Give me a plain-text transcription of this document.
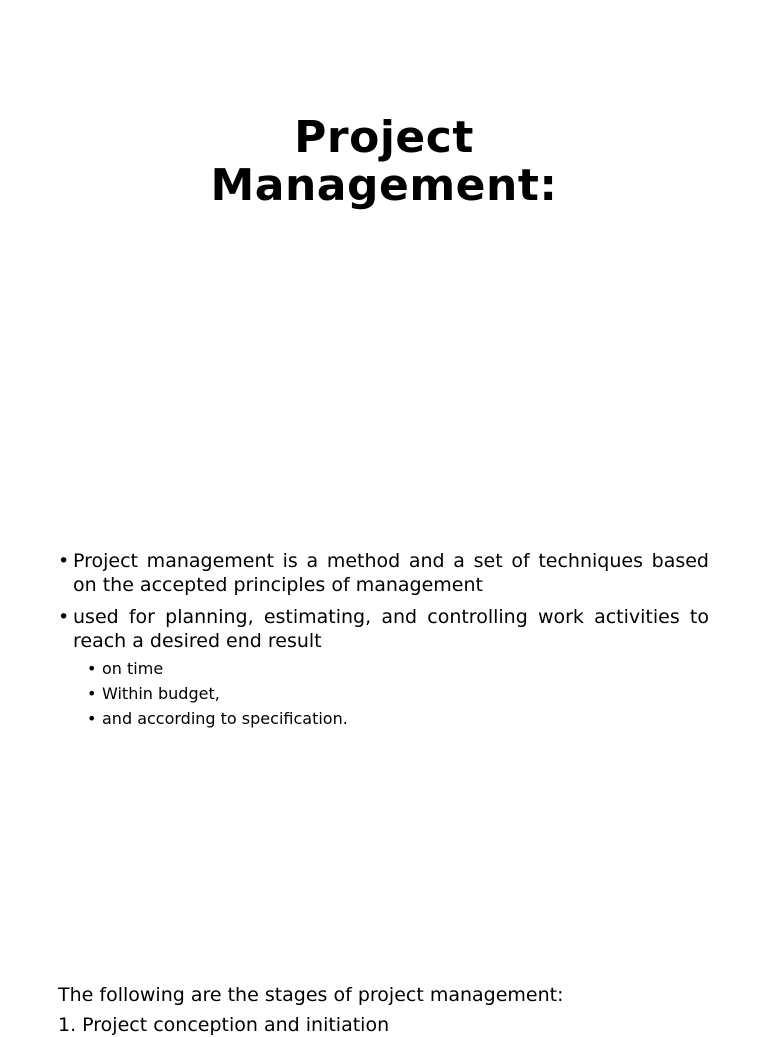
Project
Management:
• Project management is a method and a set of techniques based on the accepted principles of management
• used for planning, estimating, and controlling work activities to reach a desired end result
• on time
• Within budget,
• and according to specification.
The following are the stages of project management:
1. Project conception and initiation
